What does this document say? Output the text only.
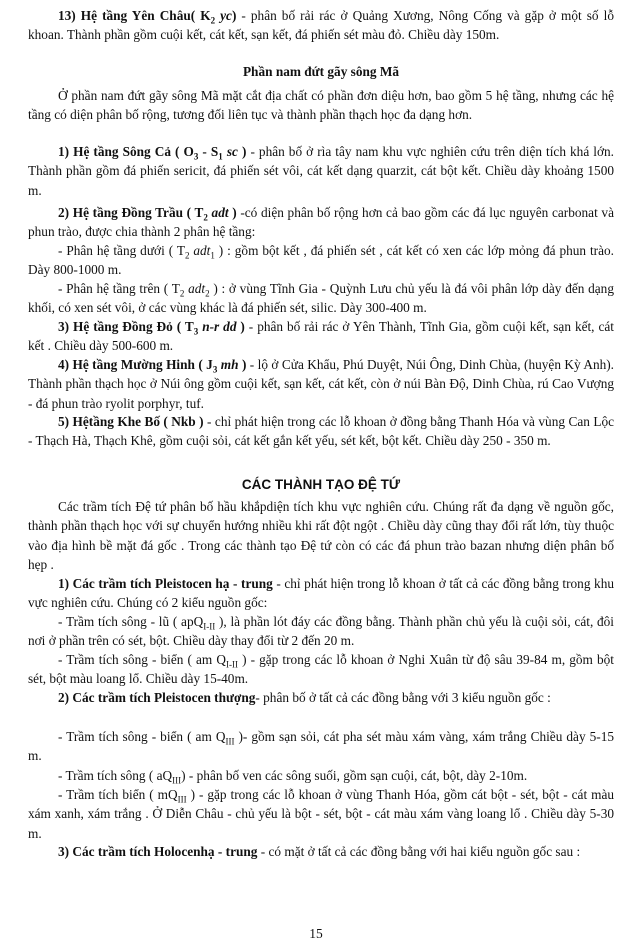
13) Hệ tầng Yên Châu( $K_2$ yc) - phân bố rải rác ở Quảng Xương, Nông Cống và gặp ở một số lỗ khoan. Thành phần gồm cuội kết, cát kết, sạn kết, đá phiến sét màu đỏ. Chiều dày 150m.

Phần nam đứt gãy sông Mã

Ở phần nam đứt gãy sông Mã mặt cắt địa chất có phần đơn diệu hơn, bao gồm 5 hệ tầng, nhưng các hệ tầng có diện phân bố rộng, tương đối liên tục và thành phần thạch học đa dạng hơn.

1) Hệ tầng Sông Cả ( $O_3 - S_1$ sc ) - phân bố ở rìa tây nam khu vực nghiên cứu trên diện tích khá lớn. Thành phần gồm đá phiến sericit, đá phiến sét vôi, cát kết dạng quarzit, cát bột kết. Chiều dày khoảng 1500 m.

2) Hệ tầng Đồng Trầu ( $T_2$ adt ) -có diện phân bố rộng hơn cả bao gồm các đá lục nguyên carbonat và phun trào, được chia thành 2 phân hệ tầng:

- Phân hệ tầng dưới ( $T_2$ adt$_1$ ) : gồm bột kết , đá phiến sét , cát kết có xen các lớp mỏng đá phun trào. Dày 800-1000 m.

- Phân hệ tầng trên ( $T_2$ adt$_2$ ) : ở vùng Tĩnh Gia - Quỳnh Lưu chủ yếu là đá vôi phân lớp dày đến dạng khối, có xen sét vôi, ở các vùng khác là đá phiến sét, silic. Dày 300-400 m.

3) Hệ tầng Đồng Đỏ ( $T_3$ n-r dd ) - phân bố rải rác ở Yên Thành, Tĩnh Gia, gồm cuội kết, sạn kết, cát kết . Chiều dày 500-600 m.

4) Hệ tầng Mường Hinh ( $J_3$ mh ) - lộ ở Cửa Khẩu, Phú Duyệt, Núi Ông, Dinh Chùa, (huyện Kỳ Anh). Thành phần thạch học ở Núi ông gồm cuội kết, sạn kết, cát kết, còn ở núi Bàn Độ, Dinh Chùa, rú Cao Vượng - đá phun trào ryolit porphyr, tuf.

5) Hệtầng Khe Bố ( Nkb ) - chỉ phát hiện trong các lỗ khoan ở đồng bằng Thanh Hóa và vùng Can Lộc - Thạch Hà, Thạch Khê, gồm cuội sỏi, cát kết gắn kết yếu, sét kết, bột kết. Chiều dày 250 - 350 m.

CÁC THÀNH TẠO ĐỆ TỨ

Các trầm tích Đệ tứ phân bố hầu khắpdiện tích khu vực nghiên cứu. Chúng rất đa dạng về nguồn gốc, thành phần thạch học với sự chuyển hướng nhiều khi rất đột ngột . Chiều dày cũng thay đổi rất lớn, tùy thuộc vào địa hình bề mặt đá gốc . Trong các thành tạo Đệ tứ còn có các đá phun trào bazan nhưng diện phân bố hẹp .

1) Các trầm tích Pleistocen hạ - trung - chỉ phát hiện trong lỗ khoan ở tất cả các đồng bằng trong khu vực nghiên cứu. Chúng có 2 kiểu nguồn gốc:

- Trầm tích sông - lũ ( apQ$_{I-II}$ ), là phần lót đáy các đồng bằng. Thành phần chủ yếu là cuội sỏi, cát, đôi nơi ở phần trên có sét, bột. Chiều dày thay đổi từ 2 đến 20 m.

- Trầm tích sông - biển ( am $Q_{I-II}$ ) - gặp trong các lỗ khoan ở Nghi Xuân từ độ sâu 39-84 m, gồm bột sét, bột màu loang lổ. Chiều dày 15-40m.

2) Các trầm tích Pleistocen thượng- phân bố ở tất cả các đồng bằng với 3 kiểu nguồn gốc :

- Trầm tích sông - biển ( am $Q_{III}$ )- gồm sạn sỏi, cát pha sét màu xám vàng, xám trắng Chiều dày 5-15 m.

- Trầm tích sông ( $aQ_{III}$) - phân bố ven các sông suối, gồm sạn cuội, cát, bột, dày 2-10m.

- Trầm tích biển ( $mQ_{III}$ ) - gặp trong các lỗ khoan ở vùng Thanh Hóa, gồm cát bột - sét, bột - cát màu xám xanh, xám trắng . Ở Diễn Châu - chủ yếu là bột - sét, bột - cát màu xám vàng loang lổ . Chiều dày 5-30 m.

3) Các trầm tích Holocenhạ - trung - có mặt ở tất cả các đồng bằng với hai kiểu nguồn gốc sau :

15
